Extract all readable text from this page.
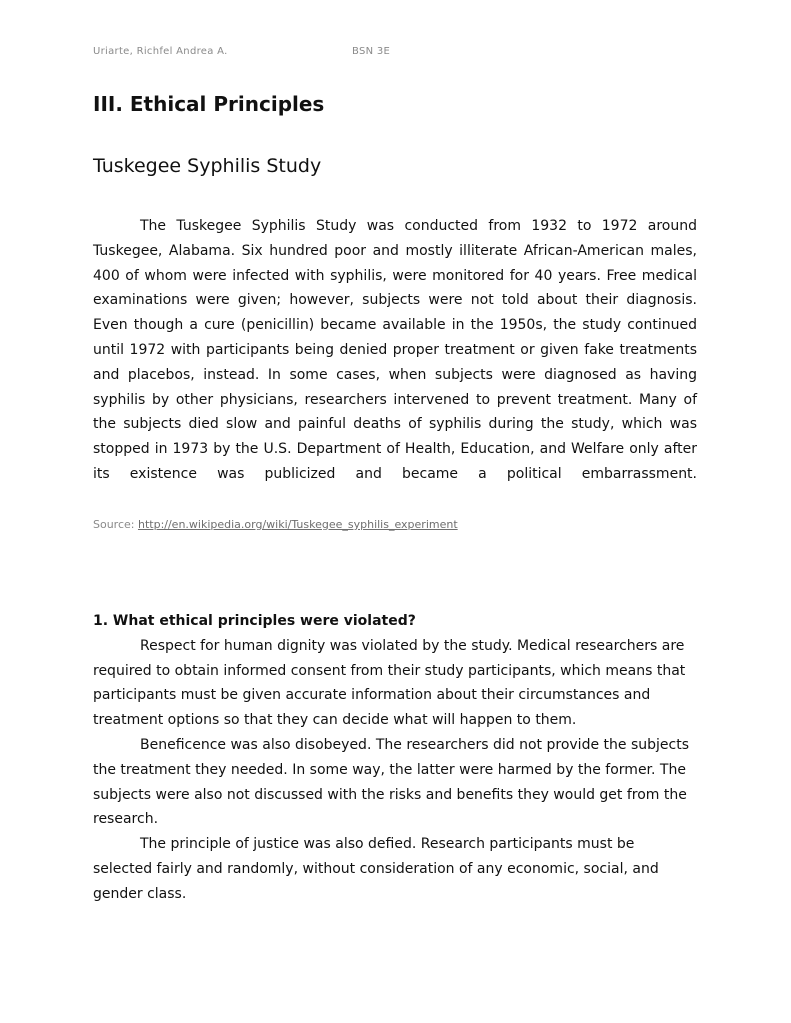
Uriarte, Richfel Andrea A.	BSN 3E
III. Ethical Principles
Tuskegee Syphilis Study

The Tuskegee Syphilis Study was conducted from 1932 to 1972 around Tuskegee, Alabama. Six hundred poor and mostly illiterate African-American males, 400 of whom were infected with syphilis, were monitored for 40 years. Free medical examinations were given; however, subjects were not told about their diagnosis. Even though a cure (penicillin) became available in the 1950s, the study continued until 1972 with participants being denied proper treatment or given fake treatments and placebos, instead. In some cases, when subjects were diagnosed as having syphilis by other physicians, researchers intervened to prevent treatment. Many of the subjects died slow and painful deaths of syphilis during the study, which was stopped in 1973 by the U.S. Department of Health, Education, and Welfare only after its existence was publicized and became a political embarrassment.

Source: http://en.wikipedia.org/wiki/Tuskegee_syphilis_experiment

1. What ethical principles were violated?

Respect for human dignity was violated by the study. Medical researchers are required to obtain informed consent from their study participants, which means that participants must be given accurate information about their circumstances and treatment options so that they can decide what will happen to them.

Beneficence was also disobeyed. The researchers did not provide the subjects the treatment they needed. In some way, the latter were harmed by the former. The subjects were also not discussed with the risks and benefits they would get from the research.

The principle of justice was also defied. Research participants must be selected fairly and randomly, without consideration of any economic, social, and gender class.
